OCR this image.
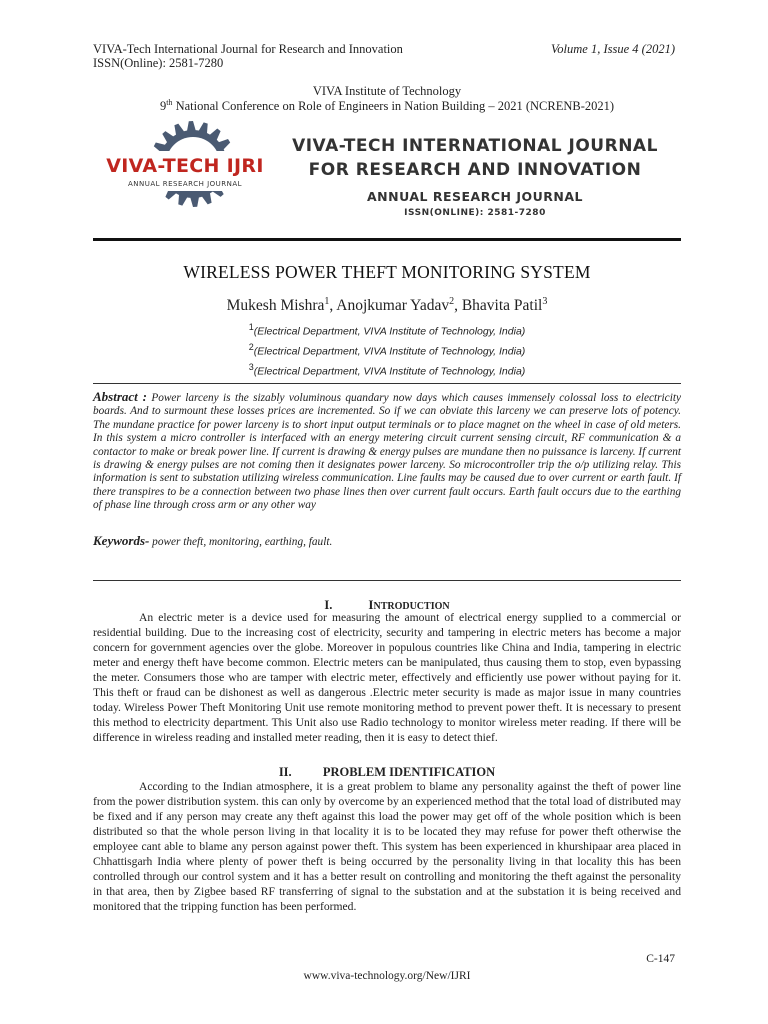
VIVA-Tech International Journal for Research and Innovation	Volume 1, Issue 4 (2021)
ISSN(Online): 2581-7280
VIVA Institute of Technology
9th National Conference on Role of Engineers in Nation Building – 2021 (NCRENB-2021)
VIVA-TECH IJRI
ANNUAL RESEARCH JOURNAL
VIVA-TECH INTERNATIONAL JOURNAL
FOR RESEARCH AND INNOVATION
ANNUAL RESEARCH JOURNAL
ISSN(ONLINE): 2581-7280
WIRELESS POWER THEFT MONITORING SYSTEM
Mukesh Mishra$^1$, Anojkumar Yadav$^2$, Bhavita Patil$^3$
$^1$(Electrical Department, VIVA Institute of Technology, India)
$^2$(Electrical Department, VIVA Institute of Technology, India)
$^3$(Electrical Department, VIVA Institute of Technology, India)
Abstract : Power larceny is the sizably voluminous quandary now days which causes immensely colossal loss to electricity boards. And to surmount these losses prices are incremented. So if we can obviate this larceny we can preserve lots of potency. The mundane practice for power larceny is to short input output terminals or to place magnet on the wheel in case of old meters. In this system a micro controller is interfaced with an energy metering circuit current sensing circuit, RF communication & a contactor to make or break power line. If current is drawing & energy pulses are mundane then no puissance is larceny. If current is drawing & energy pulses are not coming then it designates power larceny. So microcontroller trip the o/p utilizing relay. This information is sent to substation utilizing wireless communication. Line faults may be caused due to over current or earth fault. If there transpires to be a connection between two phase lines then over current fault occurs. Earth fault occurs due to the earthing of phase line through cross arm or any other way
Keywords- power theft, monitoring, earthing, fault.
I.	INTRODUCTION
An electric meter is a device used for measuring the amount of electrical energy supplied to a commercial or residential building. Due to the increasing cost of electricity, security and tampering in electric meters has become a major concern for government agencies over the globe. Moreover in populous countries like China and India, tampering in electric meter and energy theft have become common. Electric meters can be manipulated, thus causing them to stop, even bypassing the meter. Consumers those who are tamper with electric meter, effectively and efficiently use power without paying for it. This theft or fraud can be dishonest as well as dangerous .Electric meter security is made as major issue in many countries today. Wireless Power Theft Monitoring Unit use remote monitoring method to prevent power theft. It is necessary to present this method to electricity department. This Unit also use Radio technology to monitor wireless meter reading. If there will be difference in wireless reading and installed meter reading, then it is easy to detect thief.
II. PROBLEM IDENTIFICATION
According to the Indian atmosphere, it is a great problem to blame any personality against the theft of power line from the power distribution system. this can only by overcome by an experienced method that the total load of distributed may be fixed and if any person may create any theft against this load the power may get off of the whole position which is been distributed so that the whole person living in that locality it is to be located they may refuse for power theft otherwise the employee cant able to blame any person against power theft. This system has been experienced in khurshipaar area placed in Chhattisgarh India where plenty of power theft is being occurred by the personality living in that locality this has been controlled through our control system and it has a better result on controlling and monitoring the theft against the personality in that area, then by Zigbee based RF transferring of signal to the substation and at the substation it is being received and monitored that the tripping function has been performed.
C-147
www.viva-technology.org/New/IJRI
